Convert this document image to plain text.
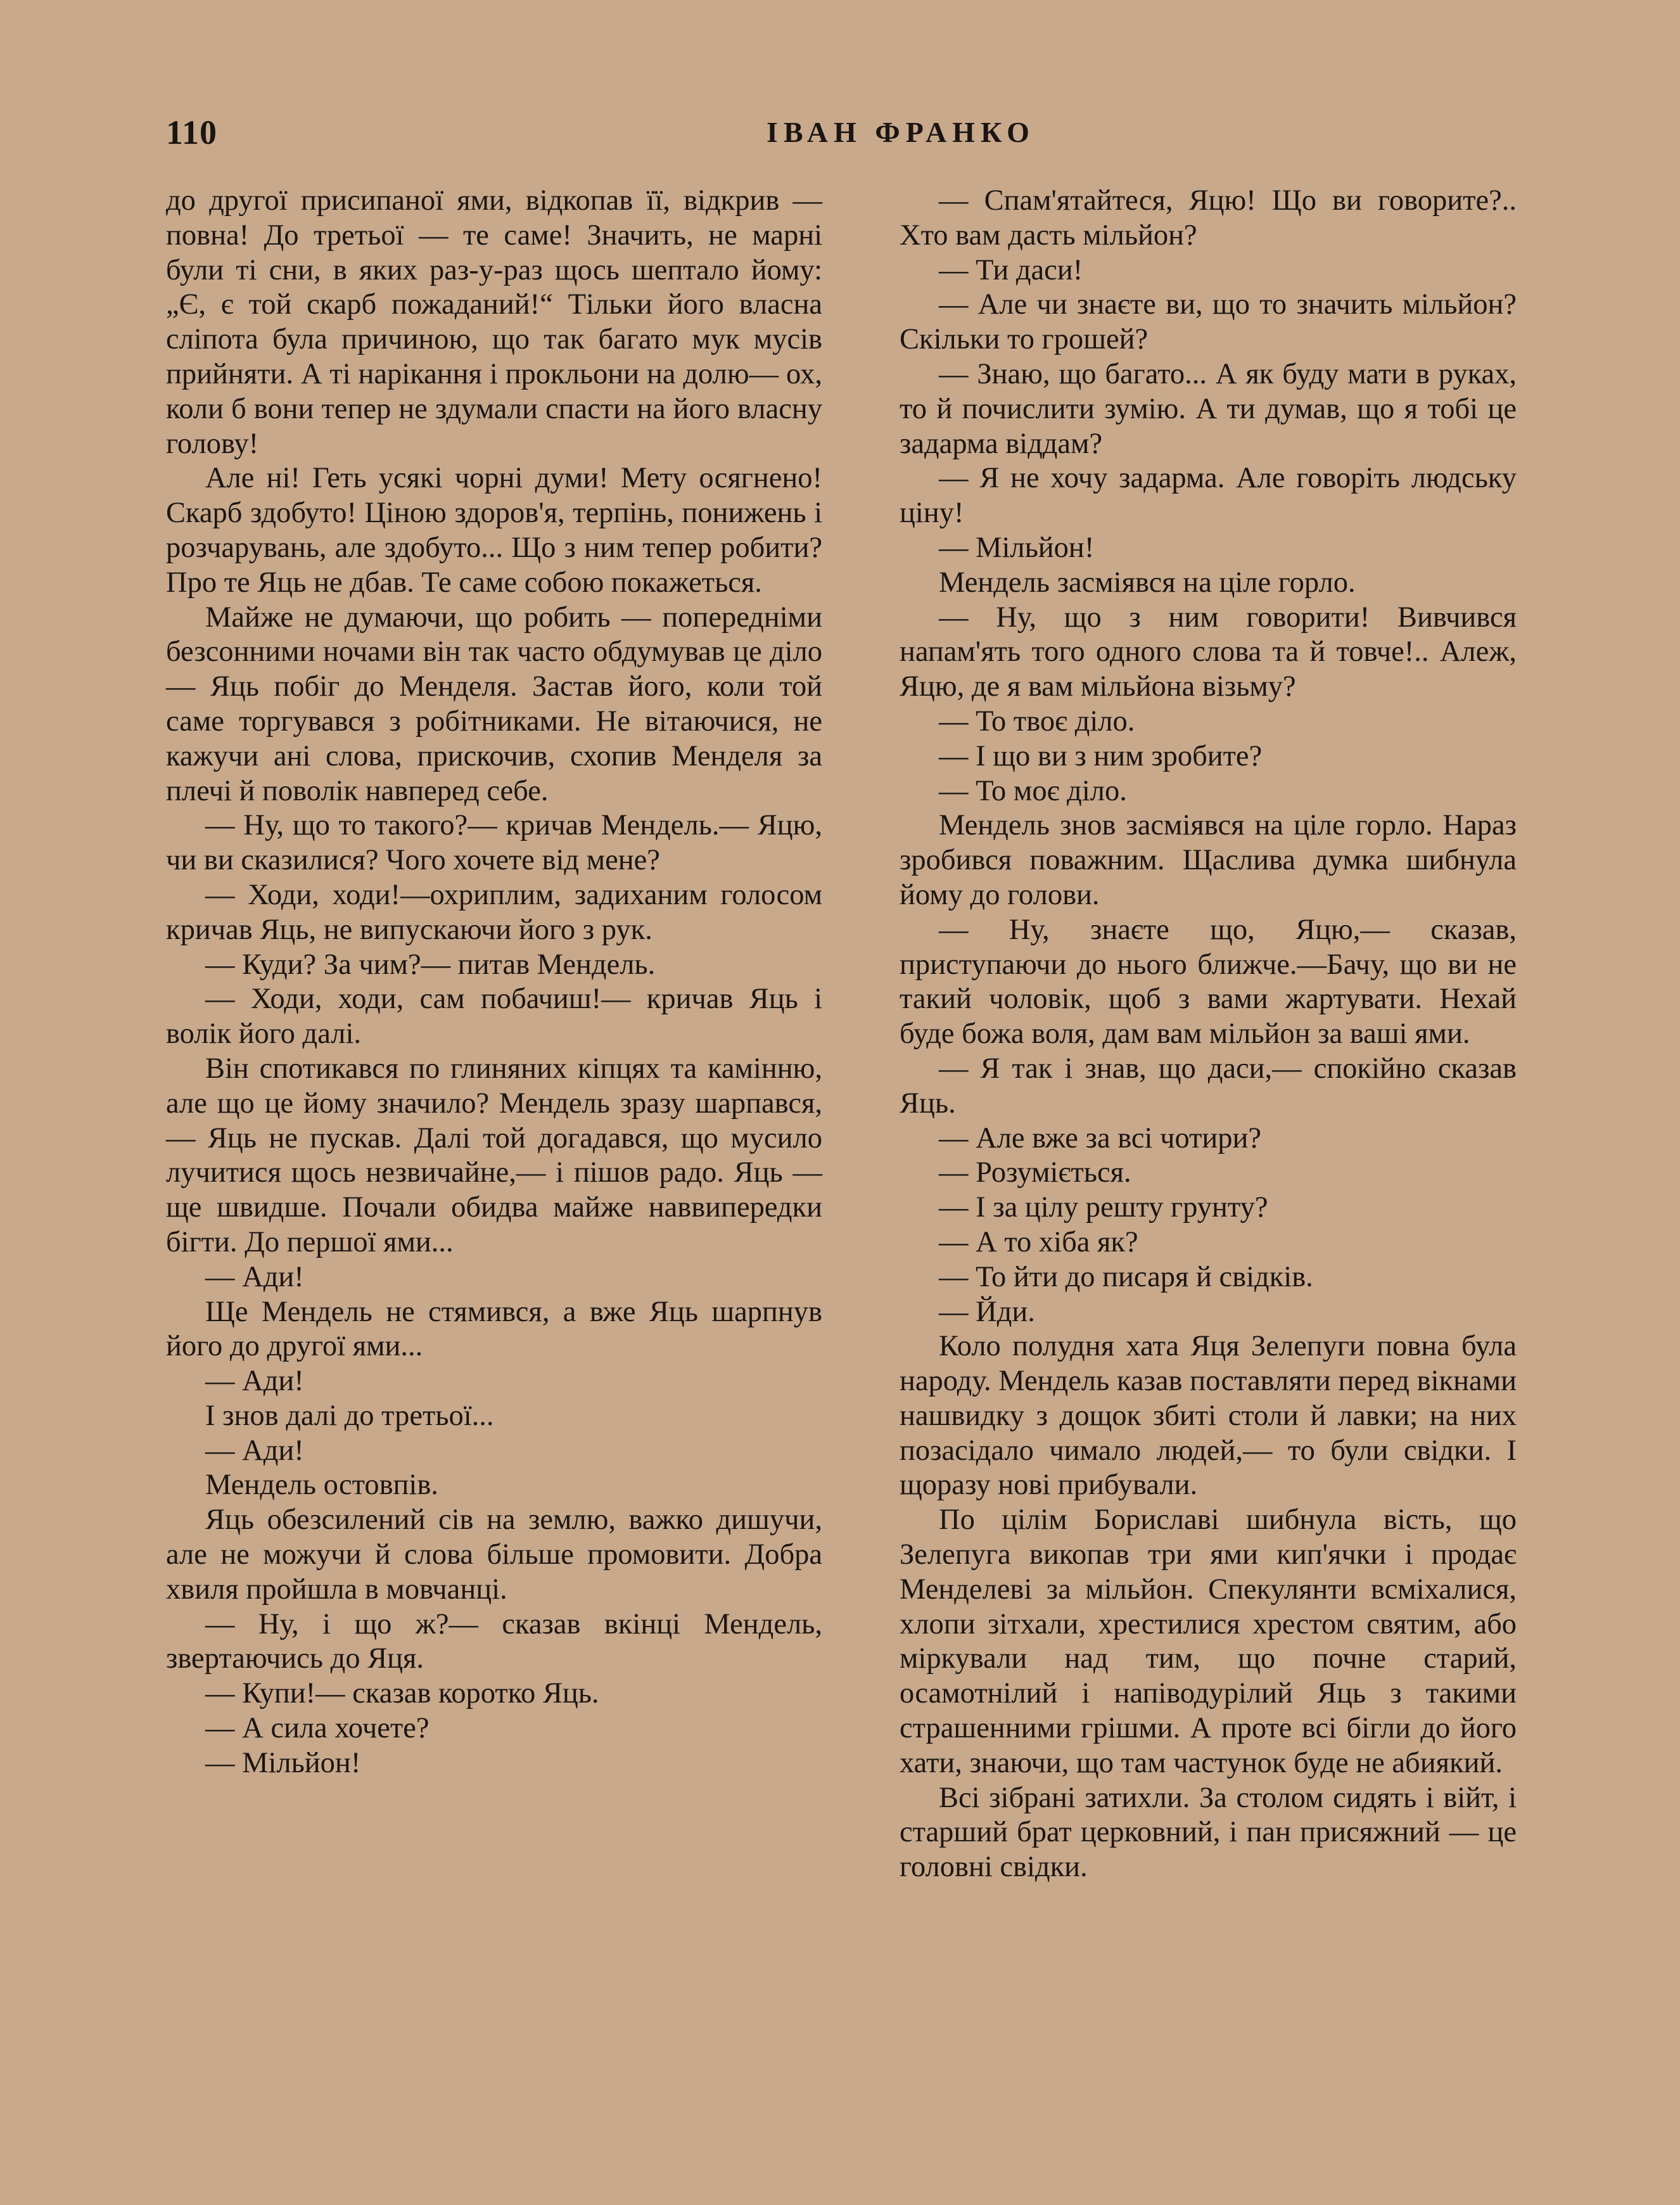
110	ІВАН ФРАНКО

до другої присипаної ями, відкопав її, відкрив — повна! До третьої — те саме! Значить, не марні були ті сни, в яких раз-у-раз щось шептало йому: „Є, є той скарб пожаданий!“ Тільки його власна сліпота була причиною, що так багато мук мусів прийняти. А ті нарікання і прокльони на долю— ох, коли б вони тепер не здумали спасти на його власну голову!

Але ні! Геть усякі чорні думи! Мету осягнено! Скарб здобуто! Ціною здоров'я, терпінь, понижень і розчарувань, але здобуто... Що з ним тепер робити? Про те Яць не дбав. Те саме собою покажеться.

Майже не думаючи, що робить — попередніми безсонними ночами він так часто обдумував це діло — Яць побіг до Менделя. Застав його, коли той саме торгувався з робітниками. Не вітаючися, не кажучи ані слова, прискочив, схопив Менделя за плечі й поволік навперед себе.

— Ну, що то такого?— кричав Мендель.— Яцю, чи ви сказилися? Чого хочете від мене?

— Ходи, ходи!—охриплим, задиханим голосом кричав Яць, не випускаючи його з рук.

— Куди? За чим?— питав Мендель.

— Ходи, ходи, сам побачиш!— кричав Яць і волік його далі.

Він спотикався по глиняних кіпцях та камінню, але що це йому значило? Мендель зразу шарпався,— Яць не пускав. Далі той догадався, що мусило лучитися щось незвичайне,— і пішов радо. Яць — ще швидше. Почали обидва майже наввипередки бігти. До першої ями...

— Ади!

Ще Мендель не стямився, а вже Яць шарпнув його до другої ями...

— Ади!

І знов далі до третьої...

— Ади!

Мендель остовпів.

Яць обезсилений сів на землю, важко дишучи, але не можучи й слова більше промовити. Добра хвиля пройшла в мовчанці.

— Ну, і що ж?— сказав вкінці Мендель, звертаючись до Яця.

— Купи!— сказав коротко Яць.

— А сила хочете?

— Мільйон!

— Спам'ятайтеся, Яцю! Що ви говорите?.. Хто вам дасть мільйон?

— Ти даси!

— Але чи знаєте ви, що то значить мільйон? Скільки то грошей?

— Знаю, що багато... А як буду мати в руках, то й почислити зумію. А ти думав, що я тобі це задарма віддам?

— Я не хочу задарма. Але говоріть людську ціну!

— Мільйон!

Мендель засміявся на ціле горло.

— Ну, що з ним говорити! Вивчився напам'ять того одного слова та й товче!.. Алеж, Яцю, де я вам мільйона візьму?

— То твоє діло.

— І що ви з ним зробите?

— То моє діло.

Мендель знов засміявся на ціле горло. Нараз зробився поважним. Щаслива думка шибнула йому до голови.

— Ну, знаєте що, Яцю,— сказав, приступаючи до нього ближче.—Бачу, що ви не такий чоловік, щоб з вами жартувати. Нехай буде божа воля, дам вам мільйон за ваші ями.

— Я так і знав, що даси,— спокійно сказав Яць.

— Але вже за всі чотири?

— Розуміється.

— І за цілу решту грунту?

— А то хіба як?

— То йти до писаря й свідків.

— Йди.

Коло полудня хата Яця Зелепуги повна була народу. Мендель казав поставляти перед вікнами нашвидку з дощок збиті столи й лавки; на них позасідало чимало людей,— то були свідки. І щоразу нові прибували.

По цілім Бориславі шибнула вість, що Зелепуга викопав три ями кип'ячки і продає Менделеві за мільйон. Спекулянти всміхалися, хлопи зітхали, хрестилися хрестом святим, або міркували над тим, що почне старий, осамотнілий і напіводурілий Яць з такими страшенними грішми. А проте всі бігли до його хати, знаючи, що там частунок буде не абиякий.

Всі зібрані затихли. За столом сидять і війт, і старший брат церковний, і пан присяжний — це головні свідки.
